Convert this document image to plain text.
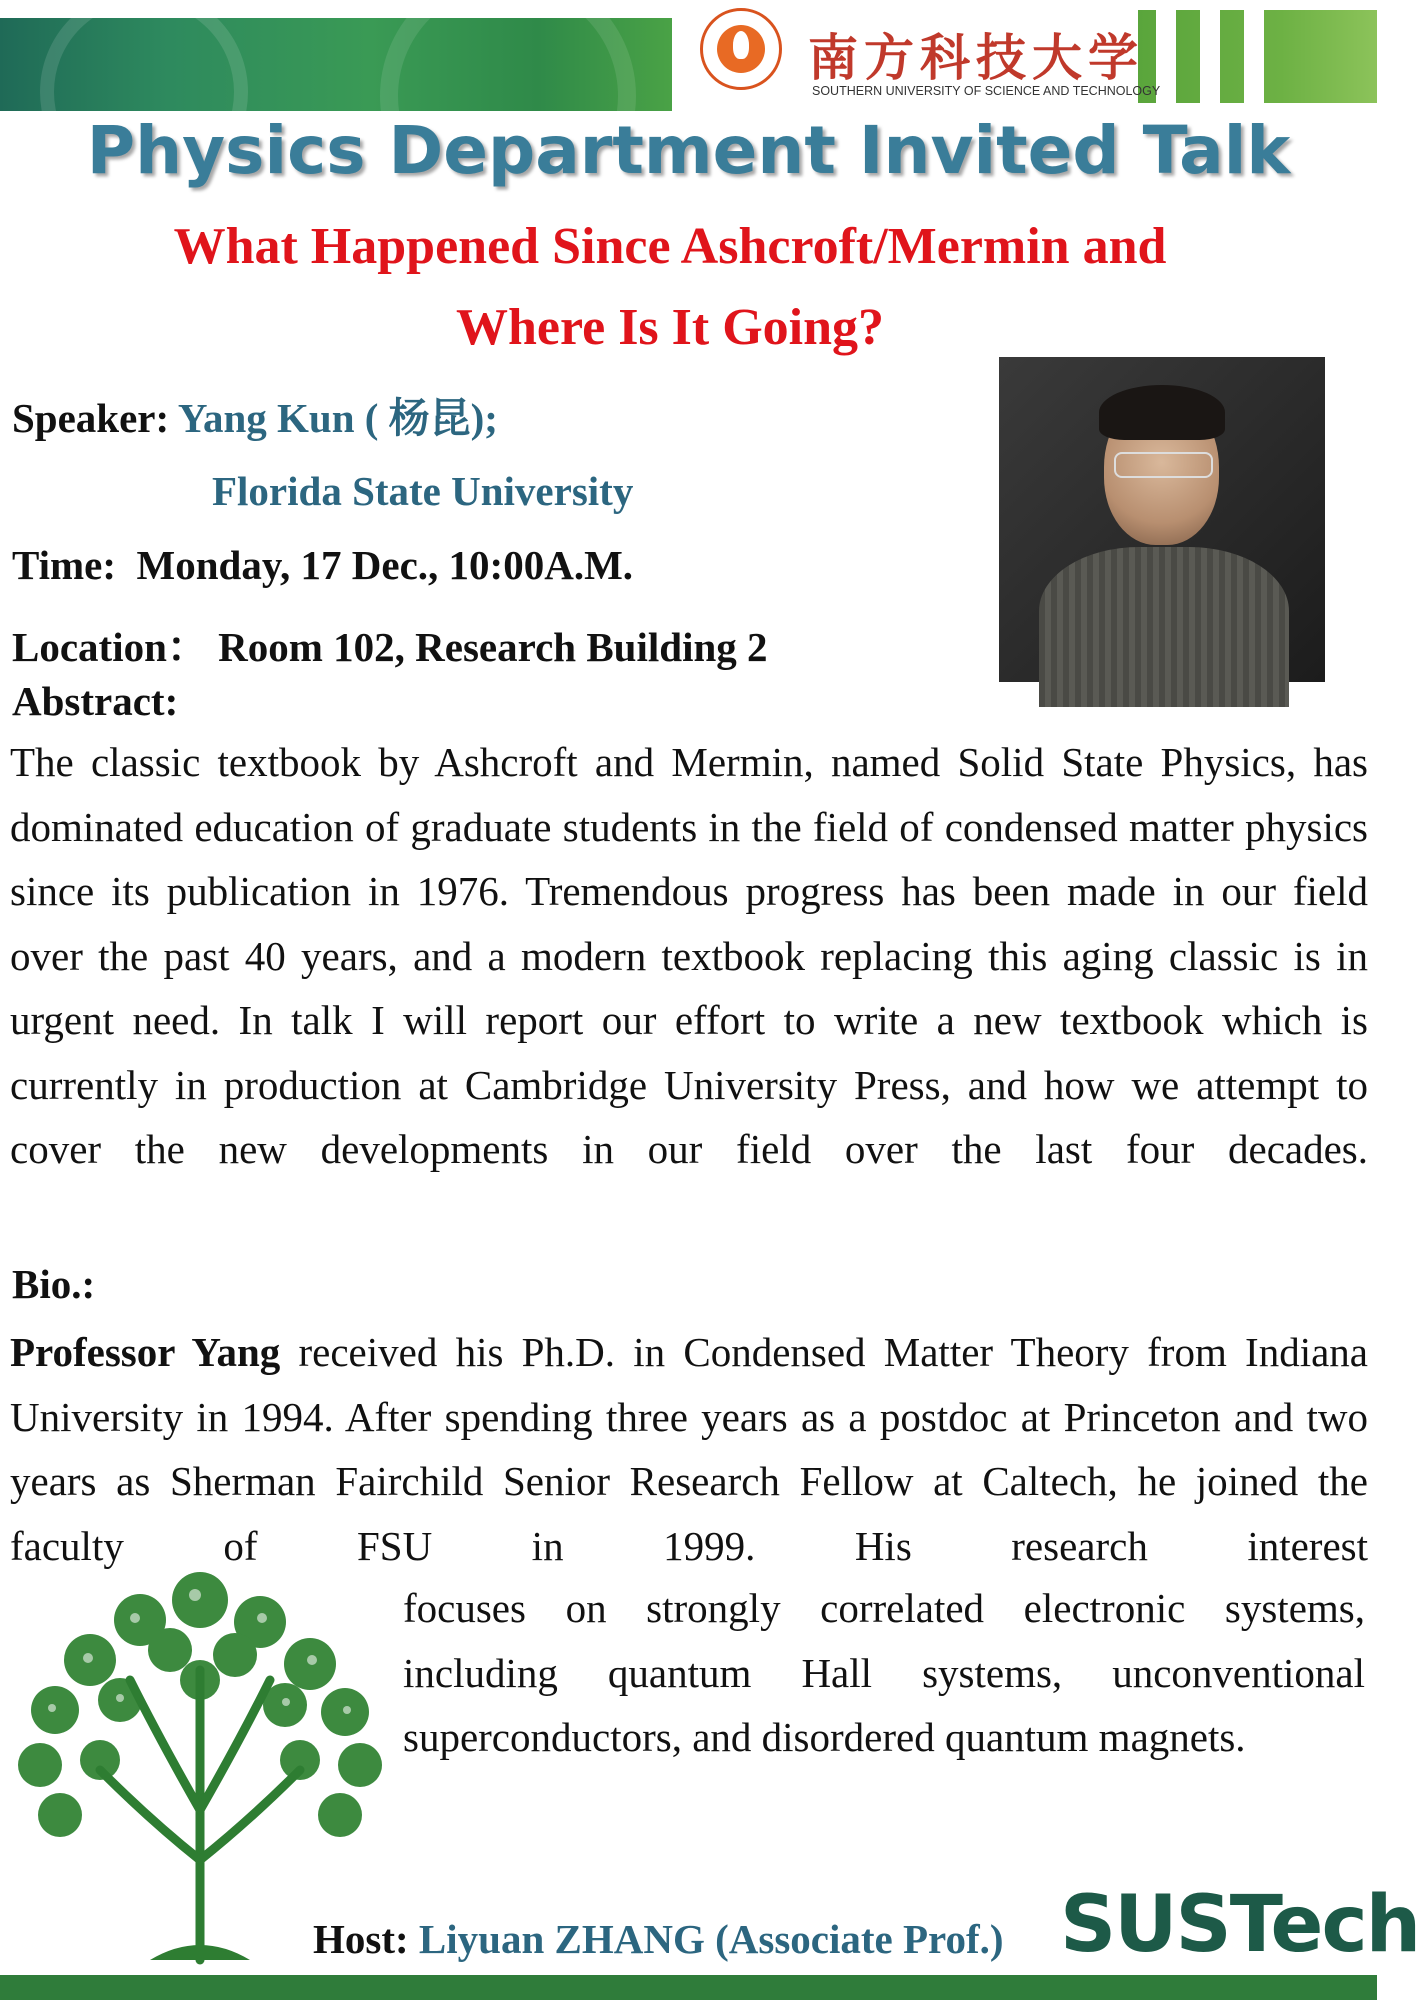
南方科技大学
SOUTHERN UNIVERSITY OF SCIENCE AND TECHNOLOGY
Physics Department Invited Talk
What Happened Since Ashcroft/Mermin and
Where Is It Going?
Speaker: Yang Kun ( 杨昆);
Florida State University
Time: Monday, 17 Dec., 10:00A.M.
Location： Room 102, Research Building 2
Abstract:

The classic textbook by Ashcroft and Mermin, named Solid State Physics, has dominated education of graduate students in the field of condensed matter physics since its publication in 1976. Tremendous progress has been made in our field over the past 40 years, and a modern textbook replacing this aging classic is in urgent need. In talk I will report our effort to write a new textbook which is currently in production at Cambridge University Press, and how we attempt to cover the new developments in our field over the last four decades.

Bio.:

Professor Yang received his Ph.D. in Condensed Matter Theory from Indiana University in 1994. After spending three years as a postdoc at Princeton and two years as Sherman Fairchild Senior Research Fellow at Caltech, he joined the faculty of FSU in 1999. His research interest

focuses on strongly correlated electronic systems, including quantum Hall systems, unconventional superconductors, and disordered quantum magnets.

Host: Liyuan ZHANG (Associate Prof.) SUSTech
